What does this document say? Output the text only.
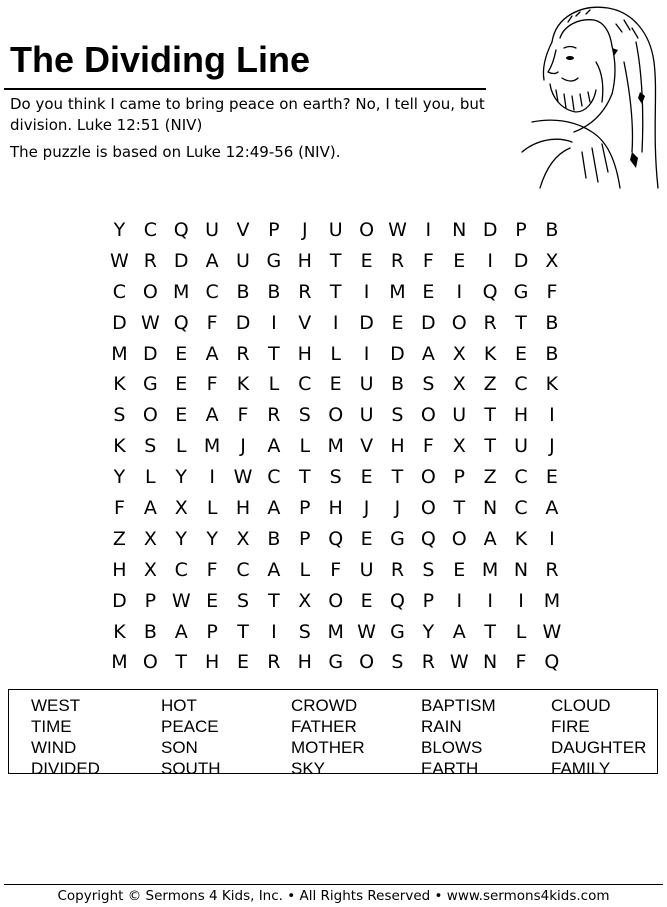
The Dividing Line

Do you think I came to bring peace on earth? No, I tell you, but division. Luke 12:51 (NIV)

The puzzle is based on Luke 12:49-56 (NIV).

Y C Q U V P	J	U O W I	N D P B
W R D A U G H T	E R F	E	I	D X
C O M C B B R T	I	M E	I	Q G F
D W Q F D	I	V	I	D E D O R T B
M D E A R T H L	I	D A X K E B
K G E	F	K	L C E U B S X Z C K
S O E A F R S O U S O U T H	I
K S	L M	J	A	L M V H F X T U	J
Y	L	Y	I W C T	S E	T O P Z C E
F A X	L H A P H	J	J	O T N C A
Z X Y	Y X B P Q E G Q O A K	I
H X C F C A	L	F U R S E M N R
D P W E S	T X O E Q P	I	I	I	M
K B A P	T	I	S M W G Y A T	L W
M O T H E R H G O S R W N F Q
WEST	HOT	CROWD	BAPTISM	CLOUD
TIME	PEACE	FATHER	RAIN	FIRE
WIND	SON	MOTHER	BLOWS	DAUGHTER
DIVIDED	SOUTH	SKY	EARTH	FAMILY
Copyright © Sermons 4 Kids, Inc. • All Rights Reserved • www.sermons4kids.com
